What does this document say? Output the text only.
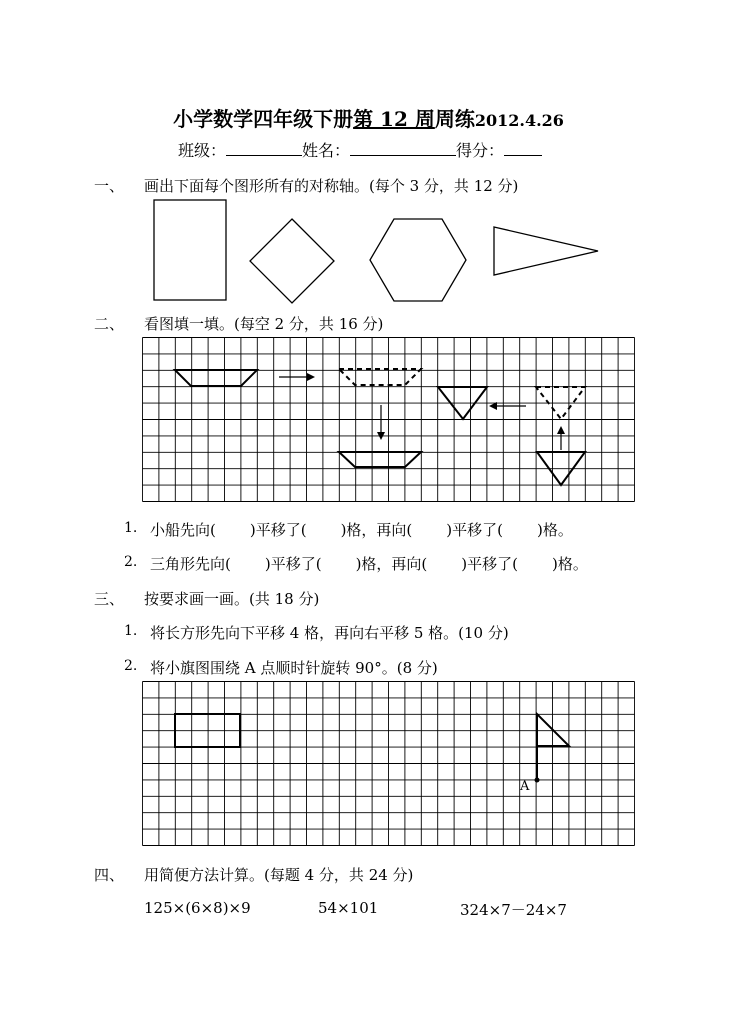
小学数学四年级下册第 12 周周练2012.4.26
班级：	姓名：	得分：
一、 画出下面每个图形所有的对称轴。(每个 3 分，共 12 分)
二、 看图填一填。(每空 2 分，共 16 分)
1. 小船先向( )平移了( )格，再向( )平移了( )格。
2. 三角形先向( )平移了( )格，再向( )平移了( )格。
三、 按要求画一画。(共 18 分)
1. 将长方形先向下平移 4 格，再向右平移 5 格。(10 分)
2. 将小旗图围绕 A 点顺时针旋转 90°。(8 分)
A
四、 用简便方法计算。(每题 4 分，共 24 分)
125×(6×8)×9	54×101	324×7－24×7
